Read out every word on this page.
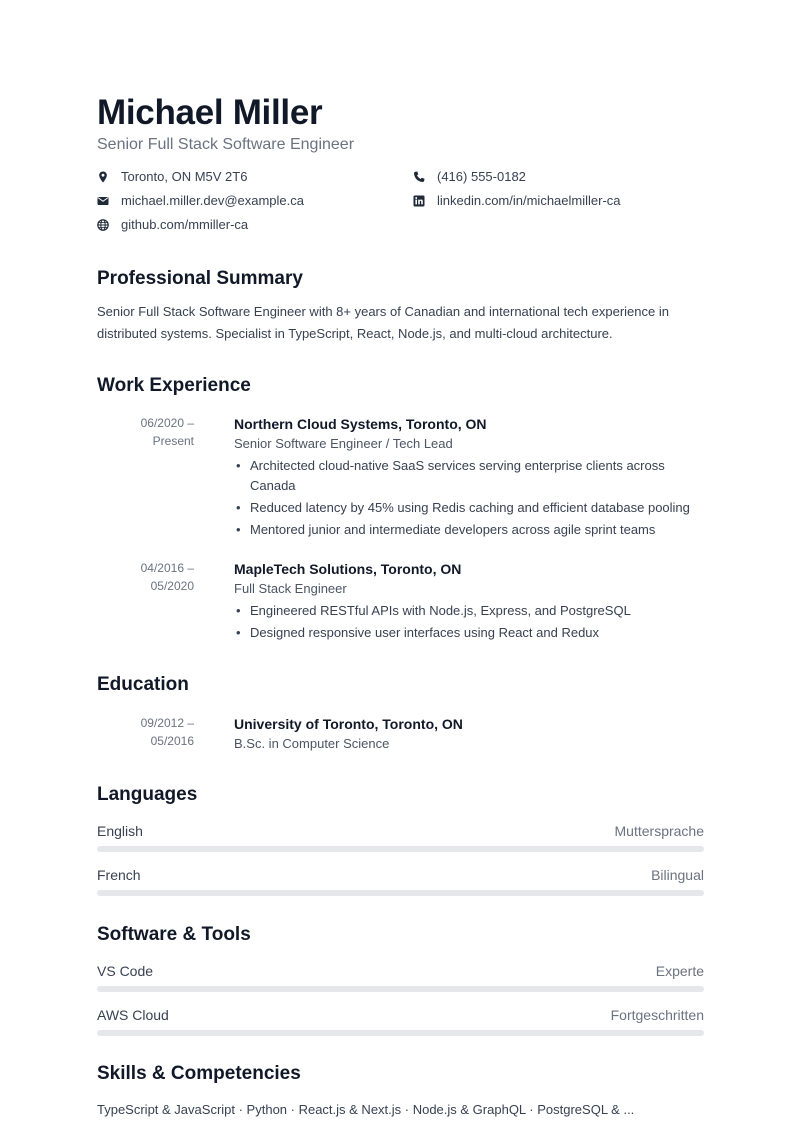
Michael Miller
Senior Full Stack Software Engineer
Toronto, ON M5V 2T6	(416) 555-0182
michael.miller.dev@example.ca	linkedin.com/in/michaelmiller-ca
github.com/mmiller-ca
Professional Summary
Senior Full Stack Software Engineer with 8+ years of Canadian and international tech experience in distributed systems. Specialist in TypeScript, React, Node.js, and multi-cloud architecture.
Work Experience
06/2020 –
Present
Northern Cloud Systems, Toronto, ON
Senior Software Engineer / Tech Lead
• Architected cloud-native SaaS services serving enterprise clients across Canada
• Reduced latency by 45% using Redis caching and efficient database pooling
• Mentored junior and intermediate developers across agile sprint teams
04/2016 –
05/2020
MapleTech Solutions, Toronto, ON
Full Stack Engineer
• Engineered RESTful APIs with Node.js, Express, and PostgreSQL
• Designed responsive user interfaces using React and Redux
Education
09/2012 –
05/2016
University of Toronto, Toronto, ON
B.Sc. in Computer Science
Languages
English	Muttersprache
French	Bilingual
Software & Tools
VS Code	Experte
AWS Cloud	Fortgeschritten
Skills & Competencies
TypeScript & JavaScript · Python · React.js & Next.js · Node.js & GraphQL · PostgreSQL & ...
